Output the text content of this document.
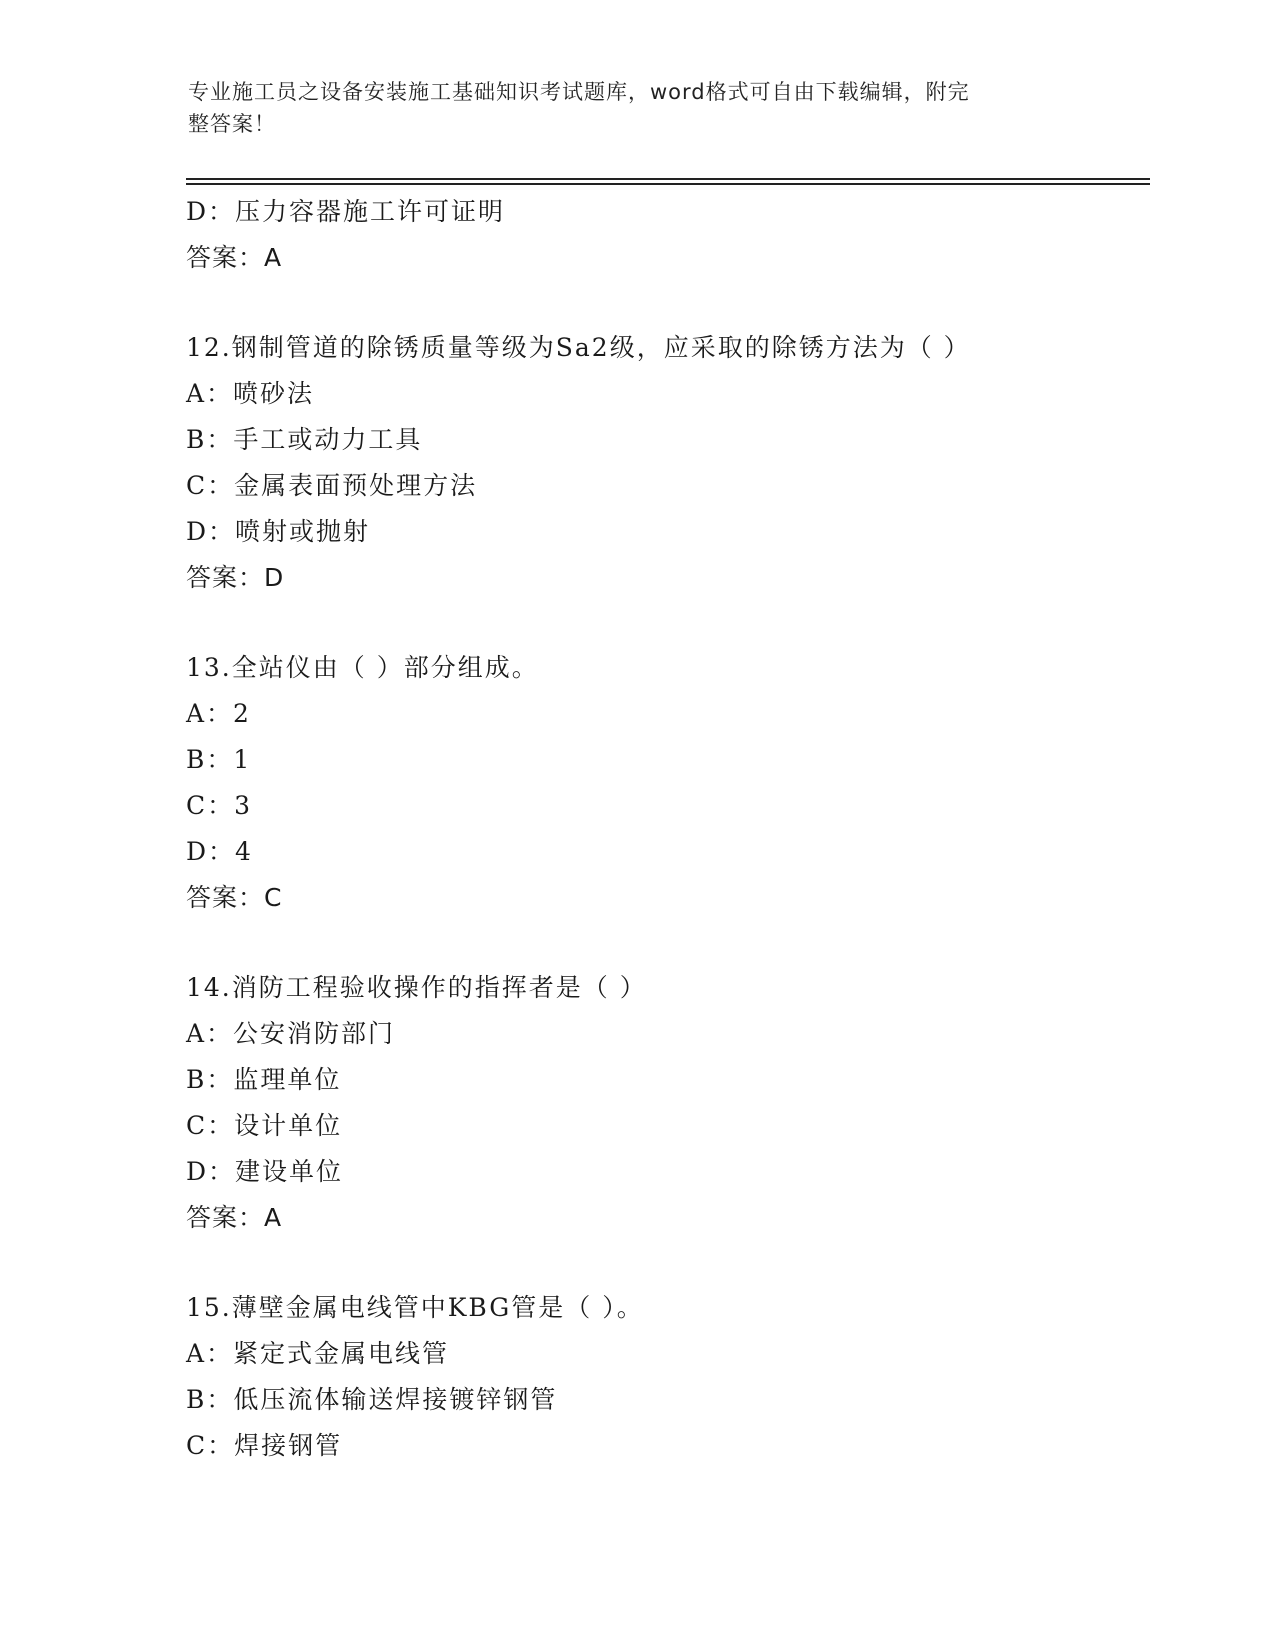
专业施工员之设备安装施工基础知识考试题库，word格式可自由下载编辑，附完
整答案！
D：压力容器施工许可证明
答案：A
12.钢制管道的除锈质量等级为Sa2级，应采取的除锈方法为（ ）
A：喷砂法
B：手工或动力工具
C：金属表面预处理方法
D：喷射或抛射
答案：D
13.全站仪由（ ）部分组成。
A：2
B：1
C：3
D：4
答案：C
14.消防工程验收操作的指挥者是（ ）
A：公安消防部门
B：监理单位
C：设计单位
D：建设单位
答案：A
15.薄壁金属电线管中KBG管是（ ）。
A：紧定式金属电线管
B：低压流体输送焊接镀锌钢管
C：焊接钢管
